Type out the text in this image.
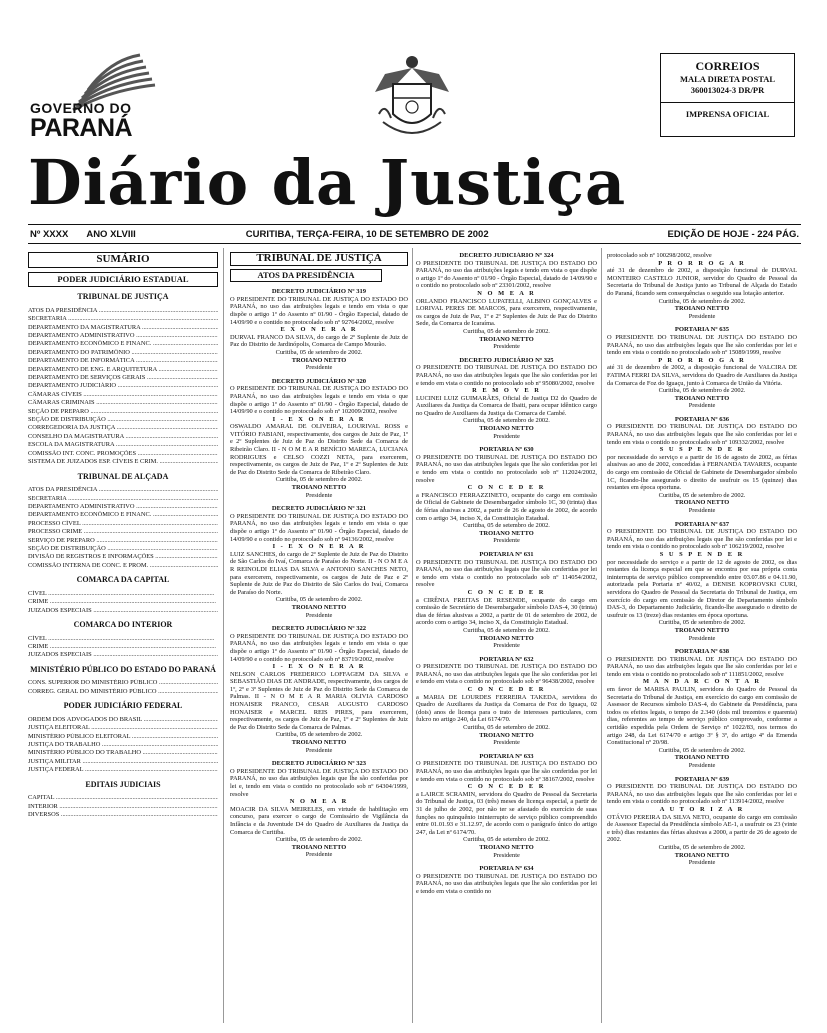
GOVERNO DO
PARANÁ
CORREIOS
MALA DIRETA POSTAL
360013024-3 DR/PR
IMPRENSA OFICIAL
Diário da Justiça
Nº XXXX ANO XLVIII	CURITIBA, TERÇA-FEIRA, 10 DE SETEMBRO DE 2002	EDIÇÃO DE HOJE - 224 PÁG.
SUMÁRIO
PODER JUDICIÁRIO ESTADUAL
TRIBUNAL DE JUSTIÇA
ATOS DA PRESIDÊNCIA .....
SECRETARIA .....
DEPARTAMENTO DA MAGISTRATURA .....
DEPARTAMENTO ADMINISTRATIVO .....
DEPARTAMENTO ECONÔMICO E FINANC. .....
DEPARTAMENTO DO PATRIMÔNIO .....
DEPARTAMENTO DE INFORMÁTICA .....
DEPARTAMENTO DE ENG. E ARQUITETURA .....
DEPARTAMENTO DE SERVIÇOS GERAIS .....
DEPARTAMENTO JUDICIÁRIO .....
CÂMARAS CÍVEIS .....
CÂMARAS CRIMINAIS .....
SEÇÃO DE PREPARO .....
SEÇÃO DE DISTRIBUIÇÃO .....
CORREGEDORIA DA JUSTIÇA .....
CONSELHO DA MAGISTRATURA .....
ESCOLA DA MAGISTRATURA .....
COMISSÃO INT. CONC. PROMOÇÕES .....
SISTEMA DE JUIZADOS ESP. CÍVEIS E CRIM. .....
TRIBUNAL DE ALÇADA
ATOS DA PRESIDÊNCIA .....
SECRETARIA .....
DEPARTAMENTO ADMINISTRATIVO .....
DEPARTAMENTO ECONÔMICO E FINANC. .....
PROCESSO CÍVEL .....
PROCESSO CRIME .....
SERVIÇO DE PREPARO .....
SEÇÃO DE DISTRIBUIÇÃO .....
DIVISÃO DE REGISTROS E INFORMAÇÕES .....
COMISSÃO INTERNA DE CONC. E PROM. .....
COMARCA DA CAPITAL
CÍVEL .....
CRIME .....
JUIZADOS ESPECIAIS .....
COMARCA DO INTERIOR
CÍVEL .....
CRIME .....
JUIZADOS ESPECIAIS .....
MINISTÉRIO PÚBLICO DO ESTADO DO PARANÁ
CONS. SUPERIOR DO MINISTÉRIO PÚBLICO .....
CORREG. GERAL DO MINISTÉRIO PÚBLICO .....
PODER JUDICIÁRIO FEDERAL
ORDEM DOS ADVOGADOS DO BRASIL .....
JUSTIÇA ELEITORAL .....
MINISTÉRIO PÚBLICO ELEITORAL .....
JUSTIÇA DO TRABALHO .....
MINISTÉRIO PÚBLICO DO TRABALHO .....
JUSTIÇA MILITAR .....
JUSTIÇA FEDERAL .....
EDITAIS JUDICIAIS
CAPITAL .....
INTERIOR .....
DIVERSOS .....
TRIBUNAL DE JUSTIÇA
ATOS DA PRESIDÊNCIA
DECRETO JUDICIÁRIO Nº 319
O PRESIDENTE DO TRIBUNAL DE JUSTIÇA DO ESTADO DO PARANÁ, no uso das atribuições legais e tendo em vista o que dispõe o artigo 1º do Assento nº 01/90 - Órgão Especial, datado de 14/09/90 e o contido no protocolado sob nº 92764/2002, resolve
E X O N E R A R
DURVAL FRANCO DA SILVA, do cargo de 2º Suplente de Juiz de Paz do Distrito de Jardinópolis, Comarca de Campo Mourão.
Curitiba, 05 de setembro de 2002.
TROIANO NETTO
Presidente
DECRETO JUDICIÁRIO Nº 320
O PRESIDENTE DO TRIBUNAL DE JUSTIÇA DO ESTADO DO PARANÁ, no uso das atribuições legais e tendo em vista o que dispõe o artigo 1º do Assento nº 01/90 - Órgão Especial, datado de 14/09/90 e o contido no protocolado sob nº 102009/2002, resolve
I - E X O N E R A R
OSWALDO AMARAL DE OLIVEIRA, LOURIVAL ROSS e VITÓRIO FABIANI, respectivamente, dos cargos de Juiz de Paz, 1º e 2º Suplentes de Juiz de Paz do Distrito Sede da Comarca de Ribeirão Claro. II - N O M E A R BENÍCIO MARECA, LUCIANA RODRIGUES e CELSO COZZI NETA, para exercerem, respectivamente, os cargos de Juiz de Paz, 1º e 2º Suplentes de Juiz de Paz do Distrito Sede da Comarca de Ribeirão Claro.
Curitiba, 05 de setembro de 2002.
TROIANO NETTO
Presidente
DECRETO JUDICIÁRIO Nº 321
O PRESIDENTE DO TRIBUNAL DE JUSTIÇA DO ESTADO DO PARANÁ, no uso das atribuições legais e tendo em vista o que dispõe o artigo 1º do Assento nº 01/90 - Órgão Especial, datado de 14/09/90 e o contido no protocolado sob nº 94136/2002, resolve
I - E X O N E R A R
LUIZ SANCHES, do cargo de 2º Suplente de Juiz de Paz do Distrito de São Carlos do Ivaí, Comarca de Paraíso do Norte. II - N O M E A R REINOLDI ELIAS DA SILVA e ANTONIO SANCHES NETO, para exercerem, respectivamente, os cargos de Juiz de Paz e 2º Suplente de Juiz de Paz do Distrito de São Carlos do Ivaí, Comarca de Paraíso do Norte.
Curitiba, 05 de setembro de 2002.
TROIANO NETTO
Presidente
DECRETO JUDICIÁRIO Nº 322
O PRESIDENTE DO TRIBUNAL DE JUSTIÇA DO ESTADO DO PARANÁ, no uso das atribuições legais e tendo em vista o que dispõe o artigo 1º do Assento nº 01/90 - Órgão Especial, datado de 14/09/90 e o contido no protocolado sob nº 83719/2002, resolve
I - E X O N E R A R
NELSON CARLOS FREDERICO LOFFAGEM DA SILVA e SEBASTIÃO DIAS DE ANDRADE, respectivamente, dos cargos de 1º, 2º e 3º Suplentes de Juiz de Paz do Distrito Sede da Comarca de Palmas. II - N O M E A R MARIA OLIVIA CARDOSO HONAISER FRANCO, CESAR AUGUSTO CARDOSO HONAISER e MARCEL REIS PIRES, para exercerem, respectivamente, os cargos de Juiz de Paz, 1º e 2º Suplentes de Juiz de Paz do Distrito Sede da Comarca de Palmas.
Curitiba, 05 de setembro de 2002.
TROIANO NETTO
Presidente
DECRETO JUDICIÁRIO Nº 323
O PRESIDENTE DO TRIBUNAL DE JUSTIÇA DO ESTADO DO PARANÁ, no uso das atribuições legais que lhe são conferidas por lei e, tendo em vista o contido no protocolado sob nº 64304/1999, resolve
N O M E A R
MOACIR DA SILVA MEIRELES, em virtude de habilitação em concurso, para exercer o cargo de Comissário de Vigilância da Infância e da Juventude D4 do Quadro de Auxiliares da Justiça da Comarca de Curitiba.
Curitiba, 05 de setembro de 2002.
TROIANO NETTO
Presidente
DECRETO JUDICIÁRIO Nº 324
O PRESIDENTE DO TRIBUNAL DE JUSTIÇA DO ESTADO DO PARANÁ, no uso das atribuições legais e tendo em vista o que dispõe o artigo 1º do Assento nº 01/90 - Órgão Especial, datado de 14/09/90 e o contido no protocolado sob nº 23301/2002, resolve
N O M E A R
ORLANDO FRANCISCO LUPATELLI, ALBINO GONÇALVES e LORIVAL PERES DE MARCOS, para exercerem, respectivamente, os cargos de Juiz de Paz, 1º e 2º Suplentes de Juiz de Paz do Distrito Sede, da Comarca de Icaraíma.
Curitiba, 05 de setembro de 2002.
TROIANO NETTO
Presidente
DECRETO JUDICIÁRIO Nº 325
O PRESIDENTE DO TRIBUNAL DE JUSTIÇA DO ESTADO DO PARANÁ, no uso das atribuições legais que lhe são conferidas por lei e tendo em vista o contido no protocolado sob nº 95080/2002, resolve
R E M O V E R
LUCINEI LUIZ GUIMARÃES, Oficial de Justiça D2 do Quadro de Auxiliares da Justiça da Comarca de Ibaiti, para ocupar idêntico cargo no Quadro de Auxiliares da Justiça da Comarca de Cambé.
Curitiba, 05 de setembro de 2002.
TROIANO NETTO
Presidente
PORTARIA Nº 630
O PRESIDENTE DO TRIBUNAL DE JUSTIÇA DO ESTADO DO PARANÁ, no uso das atribuições legais que lhe são conferidas por lei e tendo em vista o contido no protocolado sob nº 112024/2002, resolve
C O N C E D E R
a FRANCISCO FERRAZZINETO, ocupante do cargo em comissão de Oficial de Gabinete de Desembargador símbolo 1C, 30 (trinta) dias de férias alusivas a 2002, a partir de 26 de agosto de 2002, de acordo com o artigo 34, inciso X, da Constituição Estadual.
Curitiba, 05 de setembro de 2002.
TROIANO NETTO
Presidente
PORTARIA Nº 631
O PRESIDENTE DO TRIBUNAL DE JUSTIÇA DO ESTADO DO PARANÁ, no uso das atribuições legais que lhe são conferidas por lei e tendo em vista o contido no protocolado sob nº 114054/2002, resolve
C O N C E D E R
a CIRÊNIA FREITAS DE RESENDE, ocupante do cargo em comissão de Secretário de Desembargador símbolo DAS-4, 30 (trinta) dias de férias alusivas a 2002, a partir de 01 de setembro de 2002, de acordo com o artigo 34, inciso X, da Constituição Estadual.
Curitiba, 05 de setembro de 2002.
TROIANO NETTO
Presidente
PORTARIA Nº 632
O PRESIDENTE DO TRIBUNAL DE JUSTIÇA DO ESTADO DO PARANÁ, no uso das atribuições legais que lhe são conferidas por lei e tendo em vista o contido no protocolado sob nº 96438/2002, resolve
C O N C E D E R
a MARIA DE LOURDES FERREIRA TAKEDA, servidora do Quadro de Auxiliares da Justiça da Comarca de Foz do Iguaçu, 02 (dois) anos de licença para o trato de interesses particulares, com fulcro no artigo 240, da Lei 6174/70.
Curitiba, 05 de setembro de 2002.
TROIANO NETTO
Presidente
PORTARIA Nº 633
O PRESIDENTE DO TRIBUNAL DE JUSTIÇA DO ESTADO DO PARANÁ, no uso das atribuições legais que lhe são conferidas por lei e tendo em vista o contido no protocolado sob nº 38167/2002, resolve
C O N C E D E R
a LAIRCE SCRAMIN, servidora do Quadro de Pessoal da Secretaria do Tribunal de Justiça, 03 (três) meses de licença especial, a partir de 31 de julho de 2002, por não ter se afastado do exercício de suas funções no quinquênio ininterrupto de serviço público compreendido entre 01.01.93 e 31.12.97, de acordo com o parágrafo único do artigo 247, da Lei nº 6174/70.
Curitiba, 05 de setembro de 2002.
TROIANO NETTO
Presidente
PORTARIA Nº 634
O PRESIDENTE DO TRIBUNAL DE JUSTIÇA DO ESTADO DO PARANÁ, no uso das atribuições legais que lhe são conferidas por lei e tendo em vista o contido no
protocolado sob nº 100298/2002, resolve
P R O R R O G A R
até 31 de dezembro de 2002, a disposição funcional de DURVAL MONTEIRO CASTELO JUNIOR, servidor do Quadro de Pessoal da Secretaria do Tribunal de Justiça junto ao Tribunal de Alçada do Estado do Paraná, ficando sem consequências o seguido sua lotação anterior.
Curitiba, 05 de setembro de 2002.
TROIANO NETTO
Presidente
PORTARIA Nº 635
O PRESIDENTE DO TRIBUNAL DE JUSTIÇA DO ESTADO DO PARANÁ, no uso das atribuições legais que lhe são conferidas por lei e tendo em vista o contido no protocolado sob nº 15089/1999, resolve
P R O R R O G A R
até 31 de dezembro de 2002, a disposição funcional de VALCIRA DE FATIMA FERRI DA SILVA, servidora do Quadro de Auxiliares da Justiça da Comarca de Foz do Iguaçu, junto à Comarca de União da Vitória.
Curitiba, 05 de setembro de 2002.
TROIANO NETTO
Presidente
PORTARIA Nº 636
O PRESIDENTE DO TRIBUNAL DE JUSTIÇA DO ESTADO DO PARANÁ, no uso das atribuições legais que lhe são conferidas por lei e tendo em vista o contido no protocolado sob nº 109332/2002, resolve
S U S P E N D E R
por necessidade do serviço e a partir de 16 de agosto de 2002, as férias alusivas ao ano de 2002, concedidas à FERNANDA TAVARES, ocupante do cargo em comissão de Oficial de Gabinete de Desembargador símbolo 1C, ficando-lhe assegurado o direito de usufruir os 15 (quinze) dias restantes em época oportuna.
Curitiba, 05 de setembro de 2002.
TROIANO NETTO
Presidente
PORTARIA Nº 637
O PRESIDENTE DO TRIBUNAL DE JUSTIÇA DO ESTADO DO PARANÁ, no uso das atribuições legais que lhe são conferidas por lei e tendo em vista o contido no protocolado sob nº 106219/2002, resolve
S U S P E N D E R
por necessidade do serviço e a partir de 12 de agosto de 2002, os dias restantes da licença especial em que se encontra por sua própria conta ininterrupta de serviço público compreendido entre 03.07.86 e 04.11.90, autorizada pela Portaria nº 40/02, a DENISE KOPROVSKI CURI, servidora do Quadro de Pessoal da Secretaria do Tribunal de Justiça, em exercício do cargo em comissão de Diretor de Departamento símbolo DAS-3, do Departamento Judiciário, ficando-lhe assegurado o direito de usufruir os 13 (treze) dias restantes em época oportuna.
Curitiba, 05 de setembro de 2002.
TROIANO NETTO
Presidente
PORTARIA Nº 638
O PRESIDENTE DO TRIBUNAL DE JUSTIÇA DO ESTADO DO PARANÁ, no uso das atribuições legais que lhe são conferidas por lei e tendo em vista o contido no protocolado sob nº 111851/2002, resolve
M A N D A R C O N T A R
em favor de MARISA PAULIN, servidora do Quadro de Pessoal da Secretaria do Tribunal de Justiça, em exercício do cargo em comissão de Assessor de Recursos símbolo DAS-4, do Gabinete da Presidência, para todos os efeitos legais, o tempo de 2.340 (dois mil trezentos e quarenta) dias, referentes ao tempo de serviço público comprovado, conforme a certidão expedida pela Ordem de Serviço nº 1022/83, nos termos do artigo 248, da Lei 6174/70 e artigo 3º § 3º, do artigo 4º da Emenda Constitucional nº 20/98.
Curitiba, 05 de setembro de 2002.
TROIANO NETTO
Presidente
PORTARIA Nº 639
O PRESIDENTE DO TRIBUNAL DE JUSTIÇA DO ESTADO DO PARANÁ, no uso das atribuições legais que lhe são conferidas por lei e tendo em vista o contido no protocolado sob nº 113914/2002, resolve
A U T O R I Z A R
OTÁVIO PEREIRA DA SILVA NETO, ocupante do cargo em comissão de Assessor Especial da Presidência símbolo AE-1, a usufruir os 23 (vinte e três) dias restantes das férias alusivas a 2000, a partir de 26 de agosto de 2002.
Curitiba, 05 de setembro de 2002.
TROIANO NETTO
Presidente
